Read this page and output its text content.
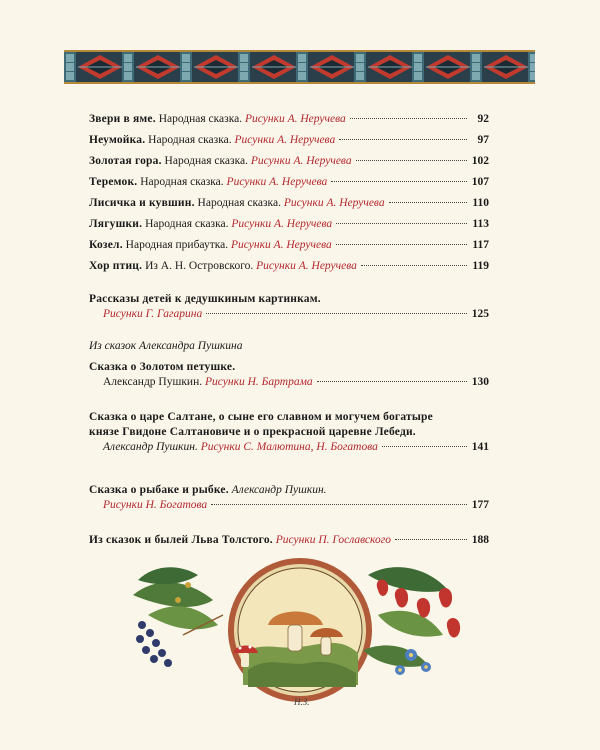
Звери в яме. Народная сказка. Рисунки А. Неручева	92
Неумойка. Народная сказка. Рисунки А. Неручева	97
Золотая гора. Народная сказка. Рисунки А. Неручева	102
Теремок. Народная сказка. Рисунки А. Неручева	107
Лисичка и кувшин. Народная сказка. Рисунки А. Неручева	110
Лягушки. Народная сказка. Рисунки А. Неручева	113
Козел. Народная прибаутка. Рисунки А. Неручева	117
Хор птиц. Из А. Н. Островского. Рисунки А. Неручева	119
Рассказы детей к дедушкиным картинкам.
Рисунки Г. Гагарина	125
Из сказок Александра Пушкина
Сказка о Золотом петушке.
Александр Пушкин. Рисунки Н. Бартрама	130
Сказка о царе Салтане, о сыне его славном и могучем богатыре
князе Гвидоне Салтановиче и о прекрасной царевне Лебеди.
Александр Пушкин. Рисунки С. Малютина, Н. Богатова	141
Сказка о рыбаке и рыбке. Александр Пушкин.
Рисунки Н. Богатова	177
Из сказок и былей Льва Толстого. Рисунки П. Гославского	188
Н.З.
